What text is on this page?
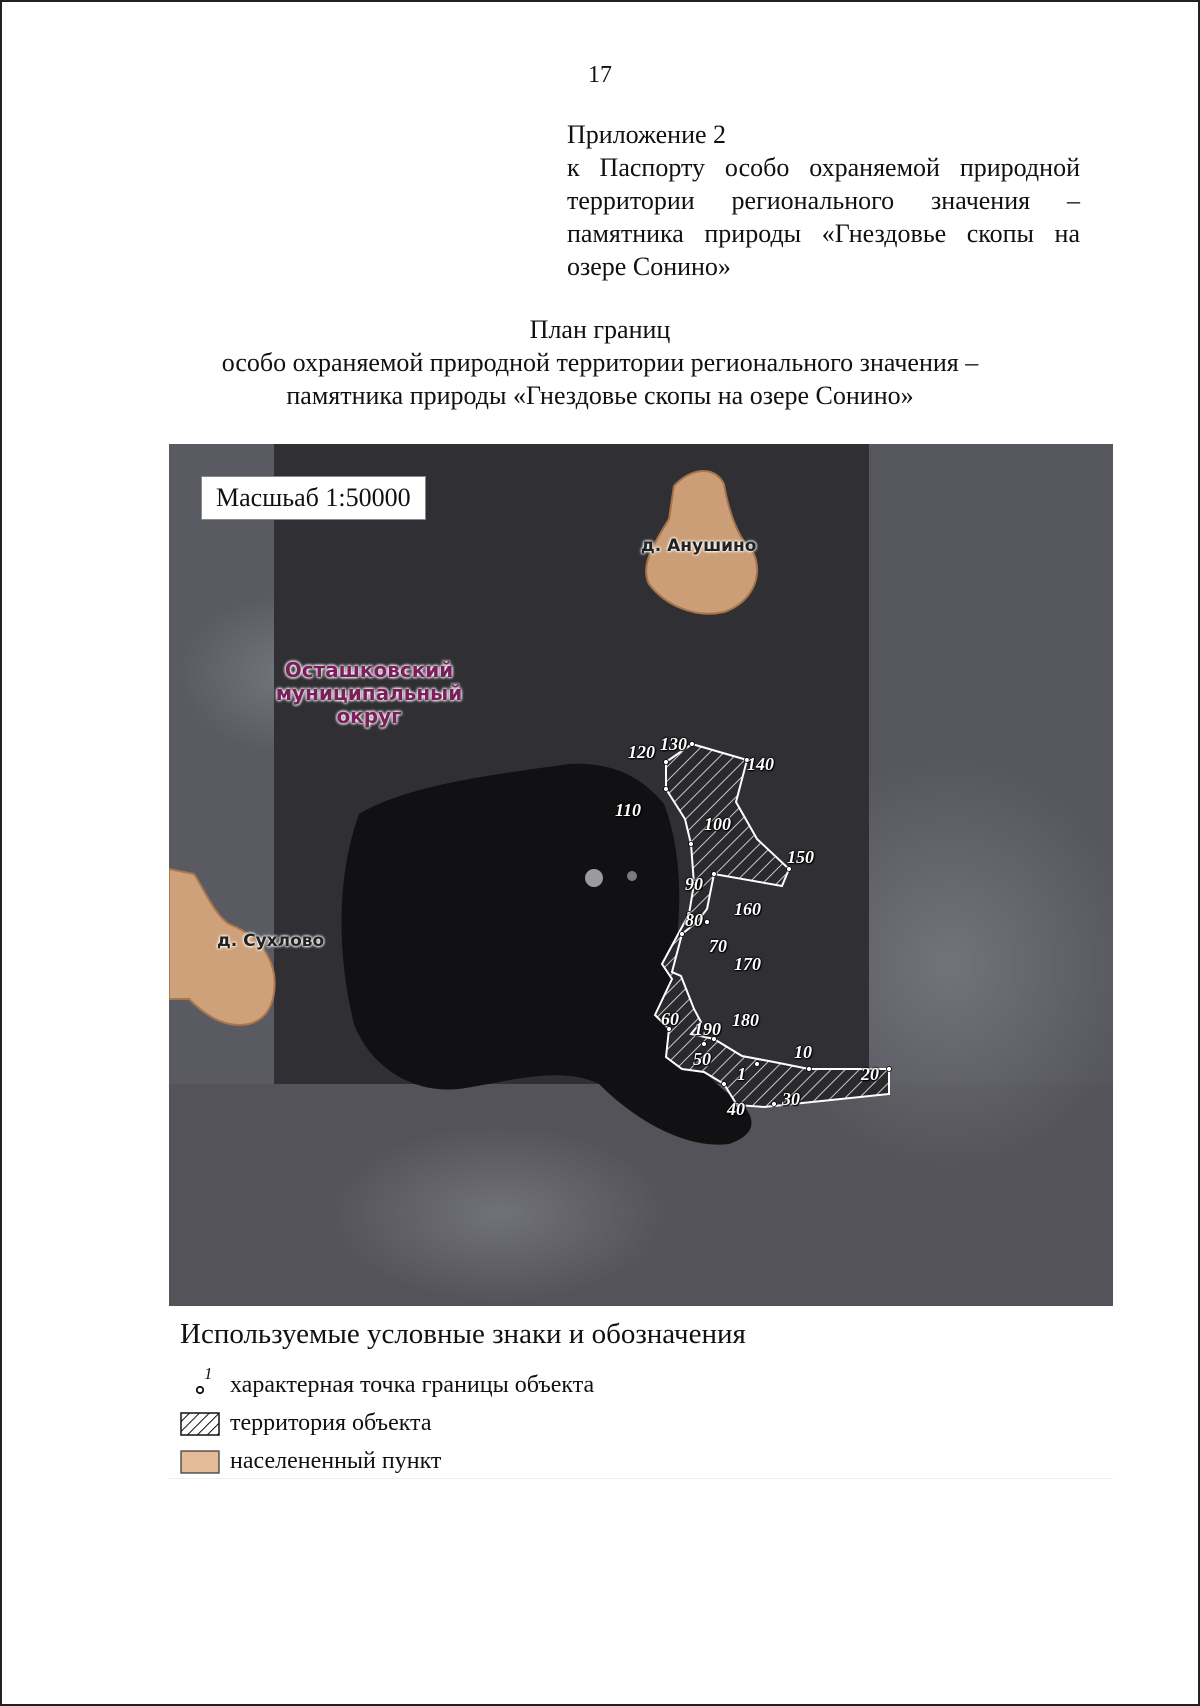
17
Приложение 2
к Паспорту особо охраняемой природной территории регионального значения – памятника природы «Гнездовье скопы на озере Сонино»
План границ
особо охраняемой природной территории регионального значения –
памятника природы «Гнездовье скопы на озере Сонино»
Масшьаб 1:50000
д. Анушино
д. Сухлово
Осташковский
муниципальный округ
1
10
20
30
40
50
60
70
80
90
100
110
120 130
140
150
160
170
180
190
Используемые условные знаки и обозначения
1 характерная точка границы объекта
территория объекта
населененный пункт
